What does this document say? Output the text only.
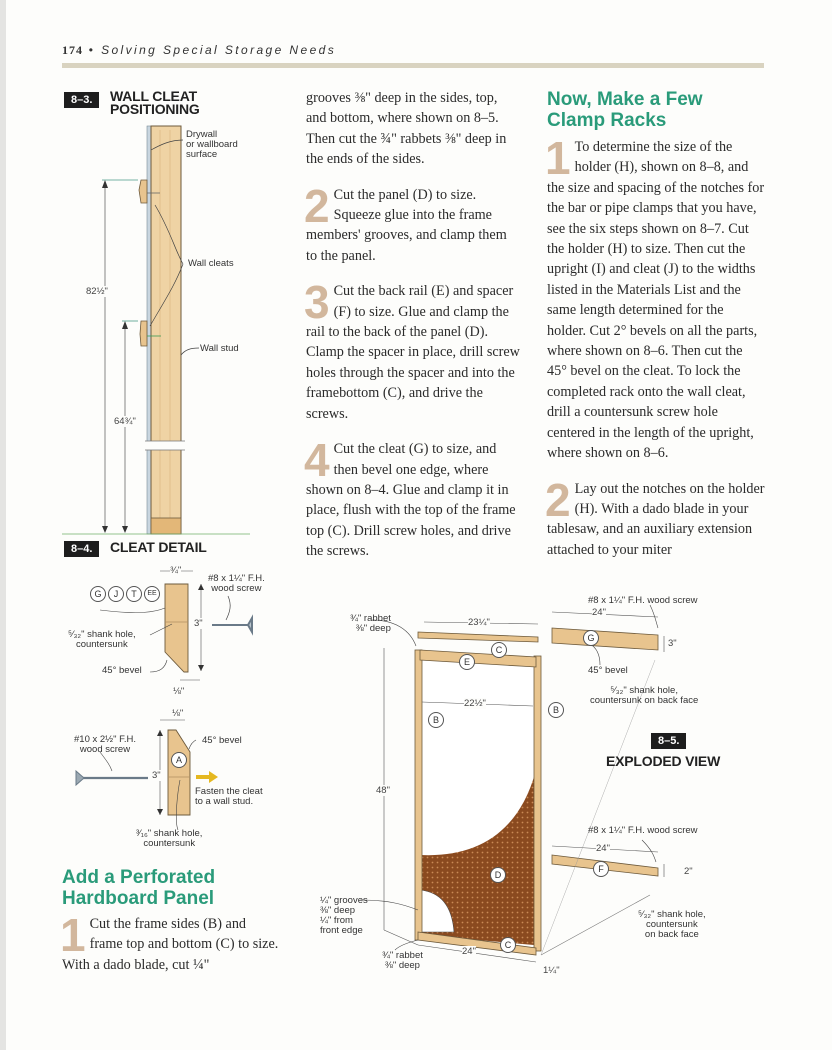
174 • Solving Special Storage Needs
8–3.	WALL CLEAT
POSITIONING
Drywall
or wallboard
surface
Wall cleats
Wall stud
82½"
64¾"
8–4.	CLEAT DETAIL
G	J	T	EE
¾"
#8 x 1¼" F.H.
wood screw
3"
⁵⁄₃₂" shank hole,
countersunk
45° bevel
⅛"
⅛"
#10 x 2½" F.H.
wood screw
45° bevel
A
3"
Fasten the cleat
to a wall stud.
³⁄₁₆" shank hole,
countersunk
Add a Perforated
Hardboard Panel
1 Cut the frame sides (B) and frame top and bottom (C) to size. With a dado blade, cut ¼"

grooves ⅜" deep in the sides, top, and bottom, where shown on 8–5. Then cut the ¾" rabbets ⅜" deep in the ends of the sides.

2 Cut the panel (D) to size. Squeeze glue into the frame members' grooves, and clamp them to the panel.

3 Cut the back rail (E) and spacer (F) to size. Glue and clamp the rail to the back of the panel (D). Clamp the spacer in place, drill screw holes through the spacer and into the framebottom (C), and drive the screws.

4 Cut the cleat (G) to size, and then bevel one edge, where shown on 8–4. Glue and clamp it in place, flush with the top of the frame top (C). Drill screw holes, and drive the screws.

Now, Make a Few
Clamp Racks
1 To determine the size of the holder (H), shown on 8–8, and the size and spacing of the notches for the bar or pipe clamps that you have, see the six steps shown on 8–7. Cut the holder (H) to size. Then cut the upright (I) and cleat (J) to the widths listed in the Materials List and the same length determined for the holder. Cut 2° bevels on all the parts, where shown on 8–6. Then cut the 45° bevel on the cleat. To lock the completed rack onto the wall cleat, drill a countersunk screw hole centered in the length of the upright, where shown on 8–6.

2 Lay out the notches on the holder (H). With a dado blade in your tablesaw, and an auxiliary extension attached to your miter

¾" rabbet
⅜" deep
23¼"
C
E
22½"
B
B
48"
D
¼" grooves
⅜" deep
¼" from
front edge
¾" rabbet
⅜" deep
24"
C
1¼"
#8 x 1¼" F.H. wood screw
24"
G	3"
45° bevel
⁵⁄₃₂" shank hole,
countersunk on back face
8–5.
EXPLODED VIEW
#8 x 1¼" F.H. wood screw
24"
F	2"
⁵⁄₃₂" shank hole,
countersunk
on back face
